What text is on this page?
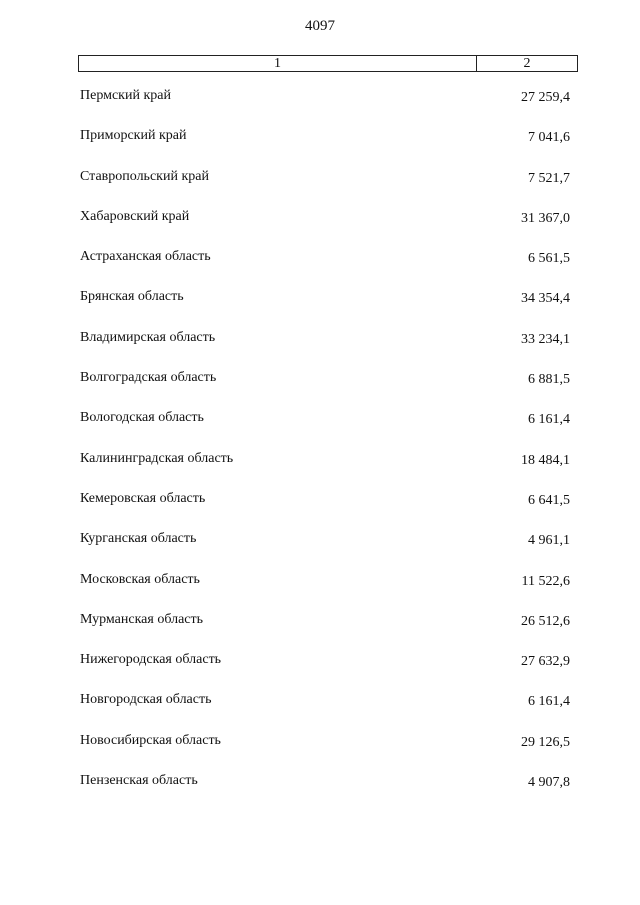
4097
1	2
Пермский край	27 259,4
Приморский край	7 041,6
Ставропольский край	7 521,7
Хабаровский край	31 367,0
Астраханская область	6 561,5
Брянская область	34 354,4
Владимирская область	33 234,1
Волгоградская область	6 881,5
Вологодская область	6 161,4
Калининградская область	18 484,1
Кемеровская область	6 641,5
Курганская область	4 961,1
Московская область	11 522,6
Мурманская область	26 512,6
Нижегородская область	27 632,9
Новгородская область	6 161,4
Новосибирская область	29 126,5
Пензенская область	4 907,8
